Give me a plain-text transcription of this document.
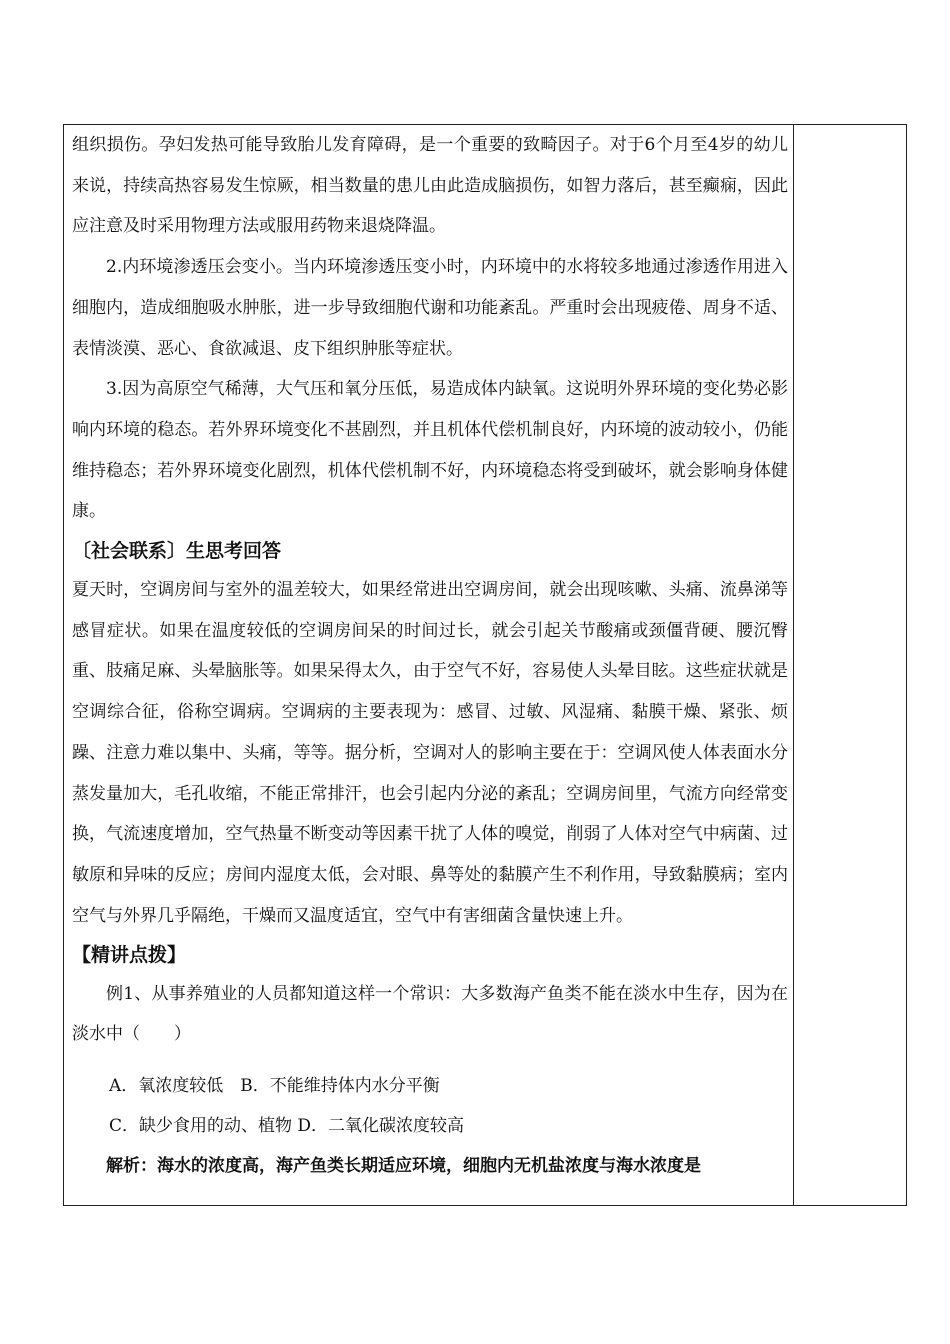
组织损伤。孕妇发热可能导致胎儿发育障碍，是一个重要的致畸因子。对于6个月至4岁的幼儿来说，持续高热容易发生惊厥，相当数量的患儿由此造成脑损伤，如智力落后，甚至癫痫，因此应注意及时采用物理方法或服用药物来退烧降温。

2.内环境渗透压会变小。当内环境渗透压变小时，内环境中的水将较多地通过渗透作用进入细胞内，造成细胞吸水肿胀，进一步导致细胞代谢和功能紊乱。严重时会出现疲倦、周身不适、表情淡漠、恶心、食欲减退、皮下组织肿胀等症状。

3.因为高原空气稀薄，大气压和氧分压低，易造成体内缺氧。这说明外界环境的变化势必影响内环境的稳态。若外界环境变化不甚剧烈，并且机体代偿机制良好，内环境的波动较小，仍能维持稳态；若外界环境变化剧烈，机体代偿机制不好，内环境稳态将受到破坏，就会影响身体健康。

〔社会联系〕生思考回答

夏天时，空调房间与室外的温差较大，如果经常进出空调房间，就会出现咳嗽、头痛、流鼻涕等感冒症状。如果在温度较低的空调房间呆的时间过长，就会引起关节酸痛或颈僵背硬、腰沉臀重、肢痛足麻、头晕脑胀等。如果呆得太久，由于空气不好，容易使人头晕目眩。这些症状就是空调综合征，俗称空调病。空调病的主要表现为：感冒、过敏、风湿痛、黏膜干燥、紧张、烦躁、注意力难以集中、头痛，等等。据分析，空调对人的影响主要在于：空调风使人体表面水分蒸发量加大，毛孔收缩，不能正常排汗，也会引起内分泌的紊乱；空调房间里，气流方向经常变换，气流速度增加，空气热量不断变动等因素干扰了人体的嗅觉，削弱了人体对空气中病菌、过敏原和异味的反应；房间内湿度太低，会对眼、鼻等处的黏膜产生不利作用，导致黏膜病；室内空气与外界几乎隔绝，干燥而又温度适宜，空气中有害细菌含量快速上升。

【精讲点拨】

例1、从事养殖业的人员都知道这样一个常识：大多数海产鱼类不能在淡水中生存，因为在淡水中（　　）

A．氧浓度较低　B．不能维持体内水分平衡

C．缺少食用的动、植物 D．二氧化碳浓度较高

解析：海水的浓度高，海产鱼类长期适应环境，细胞内无机盐浓度与海水浓度是
